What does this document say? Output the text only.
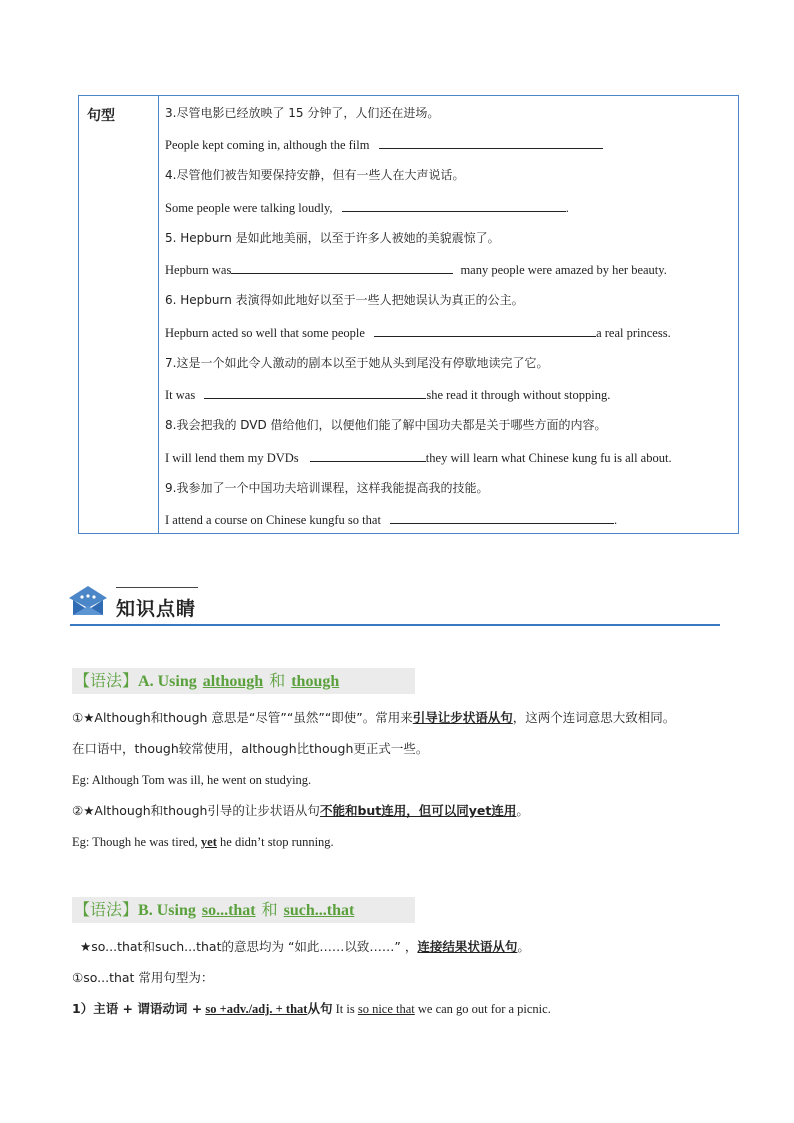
句型	3.尽管电影已经放映了 15 分钟了，人们还在进场。
People kept coming in, although the film
4.尽管他们被告知要保持安静，但有一些人在大声说话。
Some people were talking loudly,	.
5. Hepburn 是如此地美丽，以至于许多人被她的美貌震惊了。
Hepburn was	many people were amazed by her beauty.
6. Hepburn 表演得如此地好以至于一些人把她误认为真正的公主。
Hepburn acted so well that some people	a real princess.
7.这是一个如此令人激动的剧本以至于她从头到尾没有停歇地读完了它。
It was	she read it through without stopping.
8.我会把我的 DVD 借给他们，以便他们能了解中国功夫都是关于哪些方面的内容。
I will lend them my DVDs	they will learn what Chinese kung fu is all about.
9.我参加了一个中国功夫培训课程，这样我能提高我的技能。
I attend a course on Chinese kungfu so that	.
知识点睛
【语法】A. Using although 和 though
①★Although和though 意思是“尽管”“虽然”“即使”。常用来引导让步状语从句，这两个连词意思大致相同。
在口语中，though较常使用，although比though更正式一些。
Eg: Although Tom was ill, he went on studying.
②★Although和though引导的让步状语从句不能和but连用，但可以同yet连用。
Eg: Though he was tired, yet he didn’t stop running.
【语法】B. Using so...that 和 such...that
★so...that和such...that的意思均为 “如此……以致……” ，连接结果状语从句。
①so...that 常用句型为：
1）主语 + 谓语动词 + so +adv./adj. + that从句 It is so nice that we can go out for a picnic.
